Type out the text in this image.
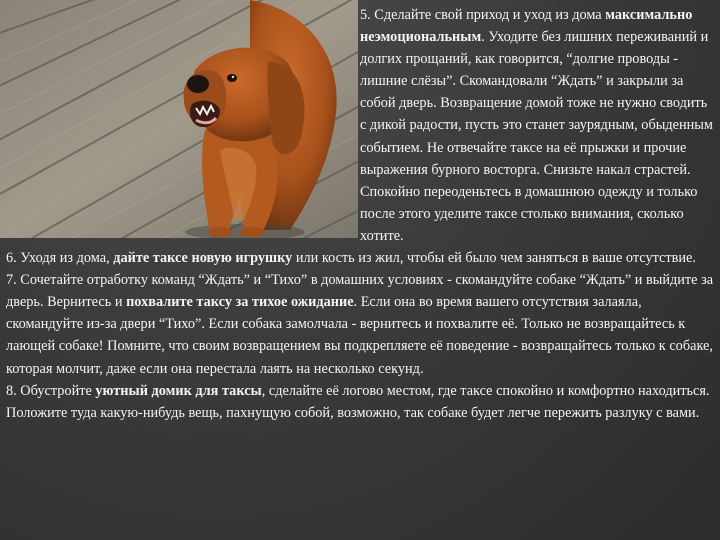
5. Сделайте свой приход и уход из дома максимально неэмоциональным. Уходите без лишних переживаний и долгих прощаний, как говорится, “долгие проводы - лишние слёзы”. Скомандовали “Ждать” и закрыли за собой дверь. Возвращение домой тоже не нужно сводить с дикой радости, пусть это станет заурядным, обыденным событием. Не отвечайте таксе на её прыжки и прочие выражения бурного восторга. Снизьте накал страстей. Спокойно переоденьтесь в домашнюю одежду и только после этого уделите таксе столько внимания, сколько хотите.

6. Уходя из дома, дайте таксе новую игрушку или кость из жил, чтобы ей было чем заняться в ваше отсутствие.

7. Сочетайте отработку команд “Ждать” и “Тихо” в домашних условиях - скомандуйте собаке “Ждать” и выйдите за дверь. Вернитесь и похвалите таксу за тихое ожидание. Если она во время вашего отсутствия залаяла, скомандуйте из-за двери “Тихо”. Если собака замолчала - вернитесь и похвалите её. Только не возвращайтесь к лающей собаке! Помните, что своим возвращением вы подкрепляете её поведение - возвращайтесь только к собаке, которая молчит, даже если она перестала лаять на несколько секунд.

8. Обустройте уютный домик для таксы, сделайте её логово местом, где таксе спокойно и комфортно находиться. Положите туда какую-нибудь вещь, пахнущую собой, возможно, так собаке будет легче пережить разлуку с вами.
